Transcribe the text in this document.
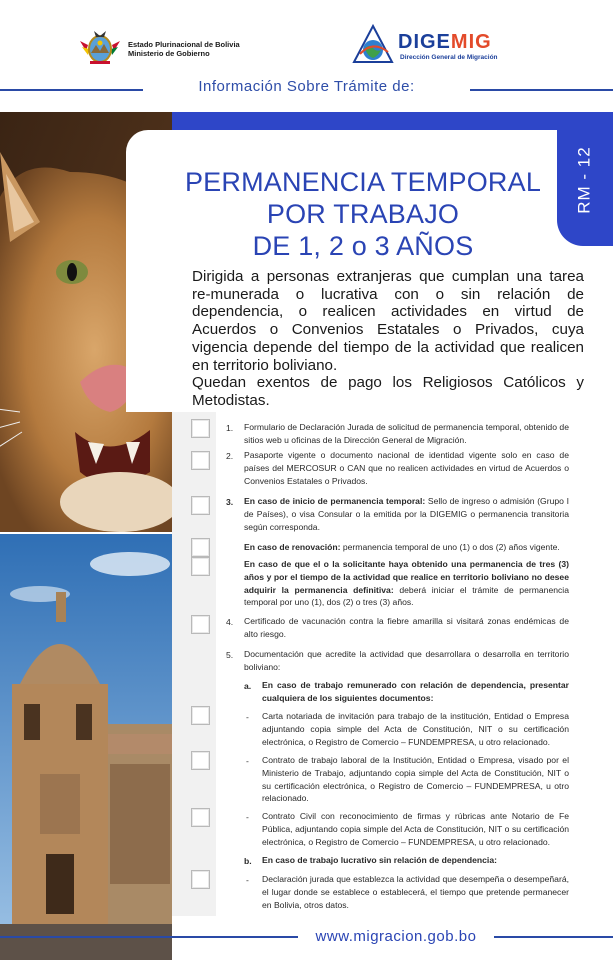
Estado Plurinacional de Bolivia
Ministerio de Gobierno
DIGEMIG
Dirección General de Migración
Información Sobre Trámite de:
RM - 12
PERMANENCIA TEMPORAL
POR TRABAJO
DE 1, 2 o 3 AÑOS

Dirigida a personas extranjeras que cumplan una tarea re-munerada o lucrativa con o sin relación de dependencia, o realicen actividades en virtud de Acuerdos o Convenios Estatales o Privados, cuya vigencia depende del tiempo de la actividad que realicen en territorio boliviano.

Quedan exentos de pago los Religiosos Católicos y Metodistas.

1. Formulario de Declaración Jurada de solicitud de permanencia temporal, obtenido de sitios web u oficinas de la Dirección General de Migración.
2. Pasaporte vigente o documento nacional de identidad vigente solo en caso de países del MERCOSUR o CAN que no realicen actividades en virtud de Acuerdos o Convenios Estatales o Privados.
3. En caso de inicio de permanencia temporal: Sello de ingreso o admisión (Grupo I de Países), o visa Consular o la emitida por la DIGEMIG o permanencia transitoria según corresponda.
En caso de renovación: permanencia temporal de uno (1) o dos (2) años vigente.
En caso de que el o la solicitante haya obtenido una permanencia de tres (3) años y por el tiempo de la actividad que realice en territorio boliviano no desee adquirir la permanencia definitiva: deberá iniciar el trámite de permanencia temporal por uno (1), dos (2) o tres (3) años.
4. Certificado de vacunación contra la fiebre amarilla si visitará zonas endémicas de alto riesgo.
5. Documentación que acredite la actividad que desarrollara o desarrolla en territorio boliviano:
a. En caso de trabajo remunerado con relación de dependencia, presentar cualquiera de los siguientes documentos:
- Carta notariada de invitación para trabajo de la institución, Entidad o Empresa adjuntando copia simple del Acta de Constitución, NIT o su certificación electrónica, o Registro de Comercio – FUNDEMPRESA, u otro relacionado.
- Contrato de trabajo laboral de la Institución, Entidad o Empresa, visado por el Ministerio de Trabajo, adjuntando copia simple del Acta de Constitución, NIT o su certificación electrónica, o Registro de Comercio – FUNDEMPRESA, u otro relacionado.
- Contrato Civil con reconocimiento de firmas y rúbricas ante Notario de Fe Pública, adjuntando copia simple del Acta de Constitución, NIT o su certificación electrónica, o Registro de Comercio – FUNDEMPRESA, u otro relacionado.
b. En caso de trabajo lucrativo sin relación de dependencia:
- Declaración jurada que establezca la actividad que desempeña o desempeñará, el lugar donde se establece o establecerá, el tiempo que pretende permanecer en Bolivia, otros datos.
www.migracion.gob.bo
